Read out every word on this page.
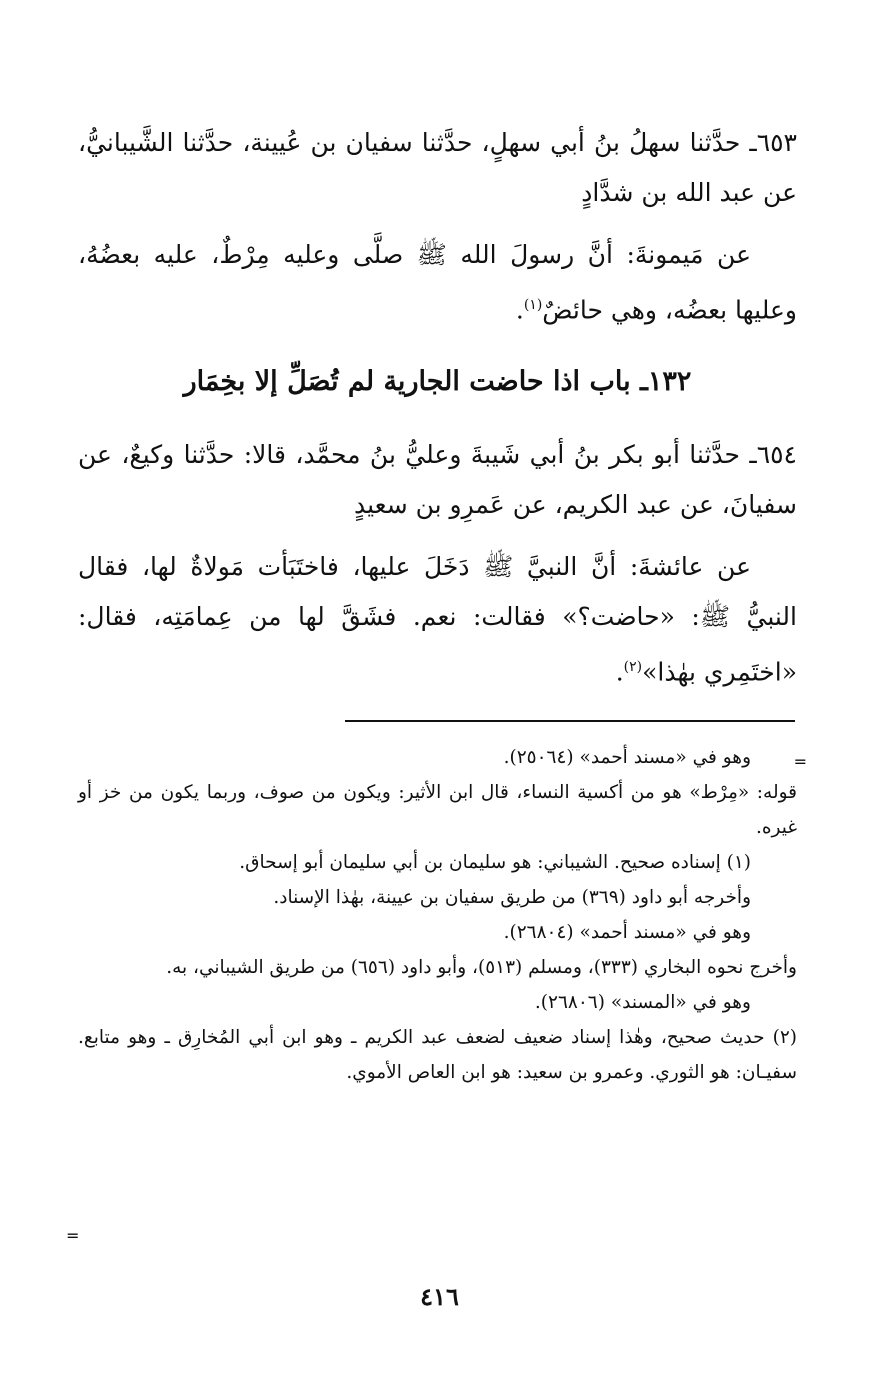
٦٥٣ـ حدَّثنا سهلُ بنُ أبي سهلٍ، حدَّثنا سفيان بن عُيينة، حدَّثنا الشَّيبانيُّ، عن عبد الله بن شدَّادٍ

عن مَيمونةَ: أنَّ رسولَ الله ﷺ صلَّى وعليه مِرْطٌ، عليه بعضُهُ، وعليها بعضُه، وهي حائضٌ$^{(١)}$.

١٣٢ـ باب اذا حاضت الجارية لم تُصَلِّ إلا بخِمَار

٦٥٤ـ حدَّثنا أبو بكر بنُ أبي شَيبةَ وعليُّ بنُ محمَّد، قالا: حدَّثنا وكيعٌ، عن سفيانَ، عن عبد الكريم، عن عَمرِو بن سعيدٍ

عن عائشةَ: أنَّ النبيَّ ﷺ دَخَلَ عليها، فاختَبَأت مَولاةٌ لها، فقال النبيُّ ﷺ: «حاضت؟» فقالت: نعم. فشَقَّ لها من عِمامَتِه، فقال: «اختَمِري بهٰذا»$^{(٢)}$.

=

وهو في «مسند أحمد» (٢٥٠٦٤).

قوله: «مِرْط» هو من أكسية النساء، قال ابن الأثير: ويكون من صوف، وربما يكون من خز أو غيره.

(١) إسناده صحيح. الشيباني: هو سليمان بن أبي سليمان أبو إسحاق.

وأخرجه أبو داود (٣٦٩) من طريق سفيان بن عيينة، بهٰذا الإسناد.

وهو في «مسند أحمد» (٢٦٨٠٤).

وأخرج نحوه البخاري (٣٣٣)، ومسلم (٥١٣)، وأبو داود (٦٥٦) من طريق الشيباني، به.

وهو في «المسند» (٢٦٨٠٦).

(٢) حديث صحيح، وهٰذا إسناد ضعيف لضعف عبد الكريم ـ وهو ابن أبي المُخارِق ـ وهو متابع. سفيـان: هو الثوري. وعمرو بن سعيد: هو ابن العاص الأموي.

=
٤١٦
